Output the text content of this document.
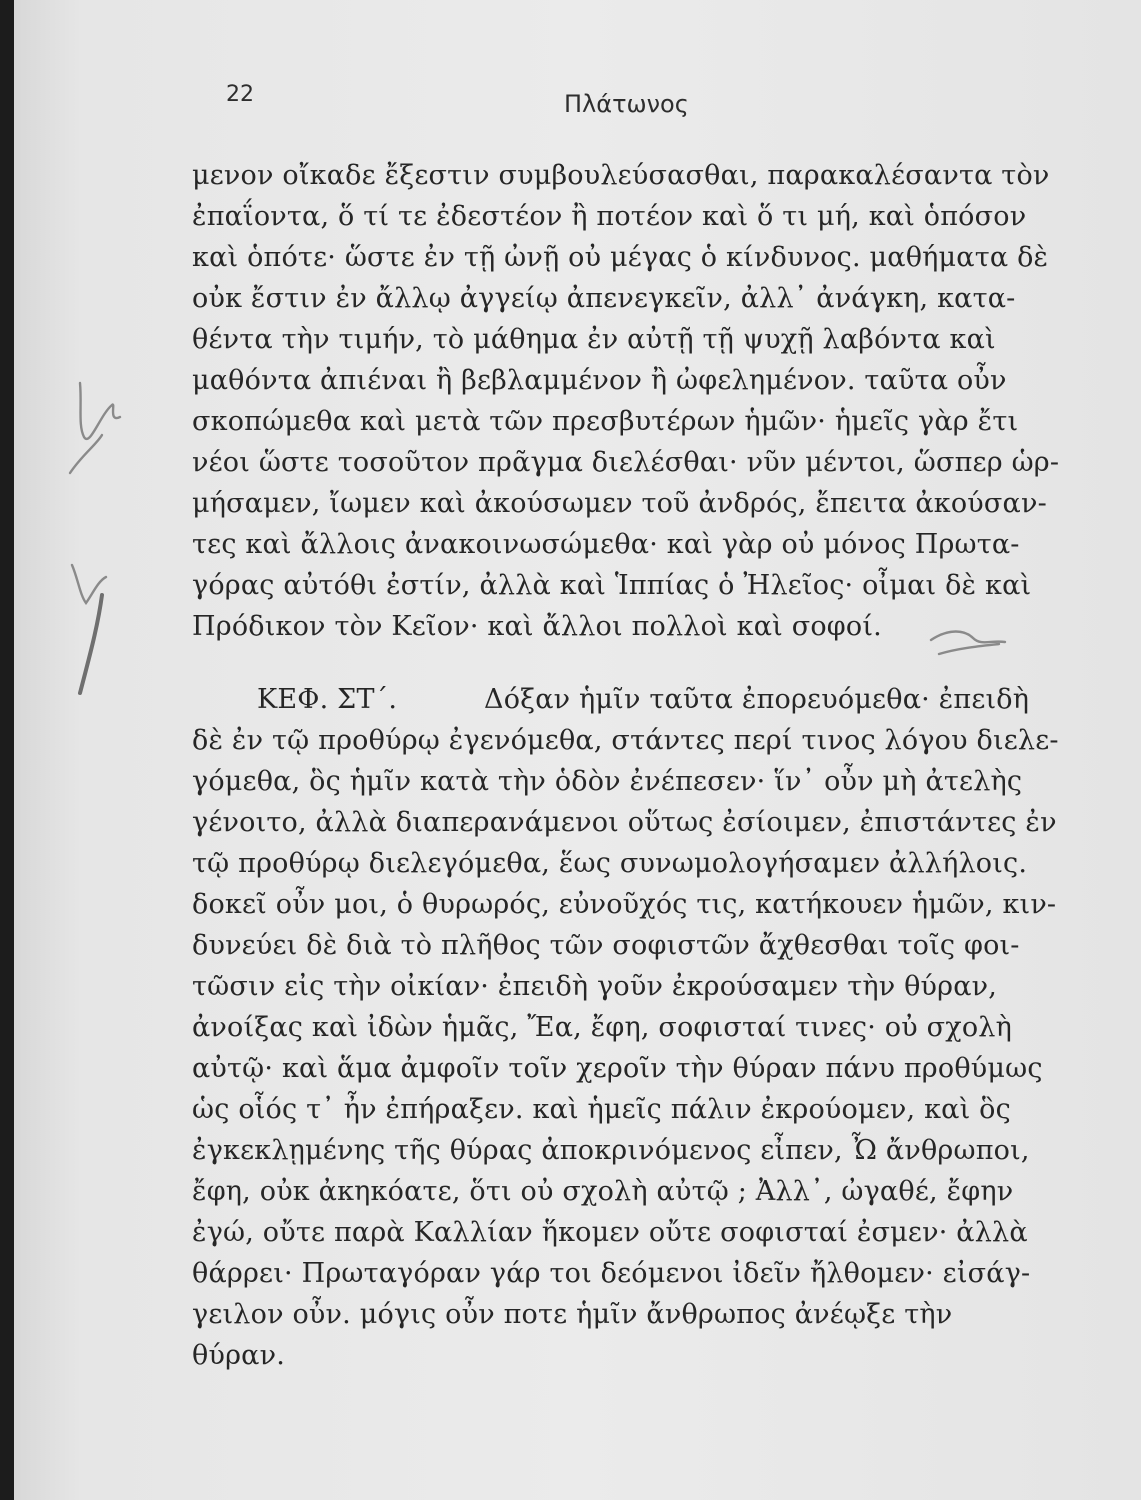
22	Πλάτωνος
μενον οἴκαδε ἔξεστιν συμβουλεύσασθαι, παρακαλέσαντα τὸν
ἐπαΐοντα, ὅ τί τε ἐδεστέον ἢ ποτέον καὶ ὅ τι μή, καὶ ὁπόσον
καὶ ὁπότε· ὥστε ἐν τῇ ὠνῇ οὐ μέγας ὁ κίνδυνος. μαθήματα δὲ
οὐκ ἔστιν ἐν ἄλλῳ ἀγγείῳ ἀπενεγκεῖν, ἀλλ᾽ ἀνάγκη, κατα-
θέντα τὴν τιμήν, τὸ μάθημα ἐν αὐτῇ τῇ ψυχῇ λαβόντα καὶ
μαθόντα ἀπιέναι ἢ βεβλαμμένον ἢ ὠφελημένον. ταῦτα οὖν
σκοπώμεθα καὶ μετὰ τῶν πρεσβυτέρων ἡμῶν· ἡμεῖς γὰρ ἔτι
νέοι ὥστε τοσοῦτον πρᾶγμα διελέσθαι· νῦν μέντοι, ὥσπερ ὡρ-
μήσαμεν, ἴωμεν καὶ ἀκούσωμεν τοῦ ἀνδρός, ἔπειτα ἀκούσαν-
τες καὶ ἄλλοις ἀνακοινωσώμεθα· καὶ γὰρ οὐ μόνος Πρωτα-
γόρας αὐτόθι ἐστίν, ἀλλὰ καὶ Ἱππίας ὁ Ἠλεῖος· οἶμαι δὲ καὶ
Πρόδικον τὸν Κεῖον· καὶ ἄλλοι πολλοὶ καὶ σοφοί.
ΚΕΦ. ΣΤ΄.	Δόξαν ἡμῖν ταῦτα ἐπορευόμεθα· ἐπειδὴ
δὲ ἐν τῷ προθύρῳ ἐγενόμεθα, στάντες περί τινος λόγου διελε-
γόμεθα, ὃς ἡμῖν κατὰ τὴν ὁδὸν ἐνέπεσεν· ἵν᾽ οὖν μὴ ἀτελὴς
γένοιτο, ἀλλὰ διαπερανάμενοι οὕτως ἐσίοιμεν, ἐπιστάντες ἐν
τῷ προθύρῳ διελεγόμεθα, ἕως συνωμολογήσαμεν ἀλλήλοις.
δοκεῖ οὖν μοι, ὁ θυρωρός, εὐνοῦχός τις, κατήκουεν ἡμῶν, κιν-
δυνεύει δὲ διὰ τὸ πλῆθος τῶν σοφιστῶν ἄχθεσθαι τοῖς φοι-
τῶσιν εἰς τὴν οἰκίαν· ἐπειδὴ γοῦν ἐκρούσαμεν τὴν θύραν,
ἀνοίξας καὶ ἰδὼν ἡμᾶς, Ἔα, ἔφη, σοφισταί τινες· οὐ σχολὴ
αὐτῷ· καὶ ἅμα ἀμφοῖν τοῖν χεροῖν τὴν θύραν πάνυ προθύμως
ὡς οἷός τ᾽ ἦν ἐπήραξεν. καὶ ἡμεῖς πάλιν ἐκρούομεν, καὶ ὃς
ἐγκεκλῃμένης τῆς θύρας ἀποκρινόμενος εἶπεν, Ὦ ἄνθρωποι,
ἔφη, οὐκ ἀκηκόατε, ὅτι οὐ σχολὴ αὐτῷ ; Ἀλλ᾽, ὠγαθέ, ἔφην
ἐγώ, οὔτε παρὰ Καλλίαν ἥκομεν οὔτε σοφισταί ἐσμεν· ἀλλὰ
θάρρει· Πρωταγόραν γάρ τοι δεόμενοι ἰδεῖν ἤλθομεν· εἰσάγ-
γειλον οὖν. μόγις οὖν ποτε ἡμῖν ἄνθρωπος ἀνέῳξε τὴν
θύραν.
